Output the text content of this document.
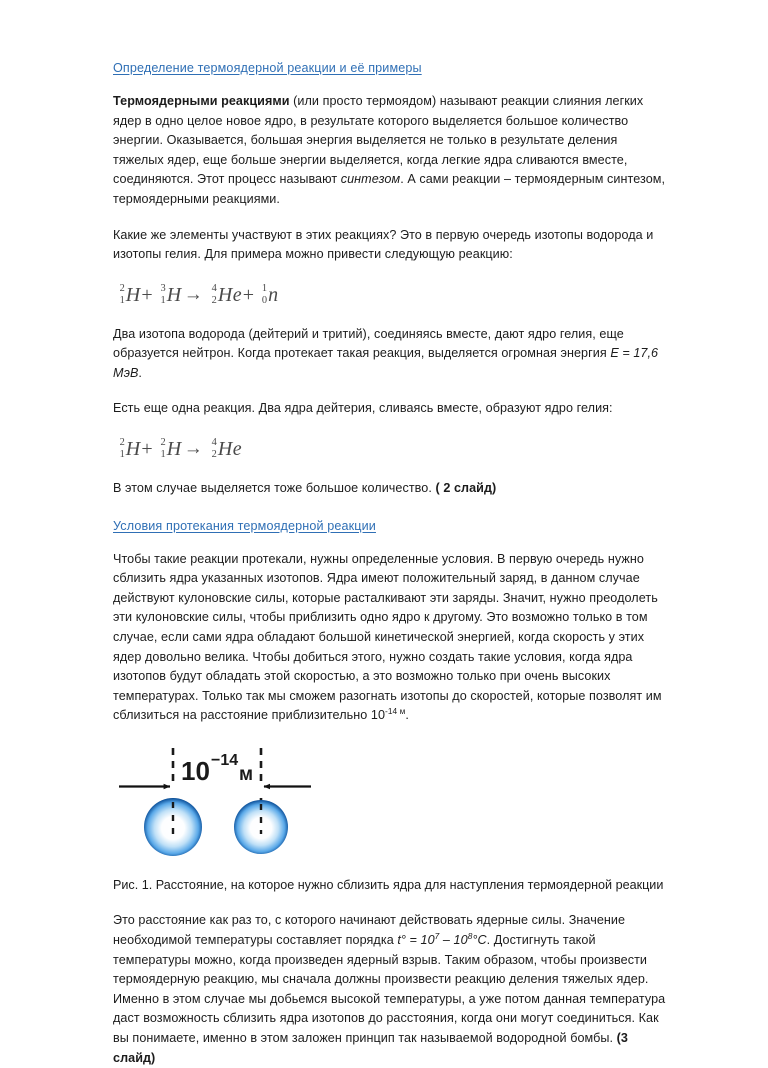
Определение термоядерной реакции и её примеры

Термоядерными реакциями (или просто термоядом) называют реакции слияния легких ядер в одно целое новое ядро, в результате которого выделяется большое количество энергии. Оказывается, большая энергия выделяется не только в результате деления тяжелых ядер, еще больше энергии выделяется, когда легкие ядра сливаются вместе, соединяются. Этот процесс называют синтезом. А сами реакции – термоядерным синтезом, термоядерными реакциями.

Какие же элементы участвуют в этих реакциях? Это в первую очередь изотопы водорода и изотопы гелия. Для примера можно привести следующую реакцию:

2
1 H+ 3
1 H → 4
2 He+ 1
0 n

Два изотопа водорода (дейтерий и тритий), соединяясь вместе, дают ядро гелия, еще образуется нейтрон. Когда протекает такая реакция, выделяется огромная энергия E = 17,6 МэВ.

Есть еще одна реакция. Два ядра дейтерия, сливаясь вместе, образуют ядро гелия:

2
1 H+ 2
1 H → 4
2 He

В этом случае выделяется тоже большое количество. ( 2 слайд)

Условия протекания термоядерной реакции

Чтобы такие реакции протекали, нужны определенные условия. В первую очередь нужно сблизить ядра указанных изотопов. Ядра имеют положительный заряд, в данном случае действуют кулоновские силы, которые расталкивают эти заряды. Значит, нужно преодолеть эти кулоновские силы, чтобы приблизить одно ядро к другому. Это возможно только в том случае, если сами ядра обладают большой кинетической энергией, когда скорость у этих ядер довольно велика. Чтобы добиться этого, нужно создать такие условия, когда ядра изотопов будут обладать этой скоростью, а это возможно только при очень высоких температурах. Только так мы сможем разогнать изотопы до скоростей, которые позволят им сблизиться на расстояние приблизительно $10^{-14 м}$.

10 −14
м

Рис. 1. Расстояние, на которое нужно сблизить ядра для наступления термоядерной реакции

Это расстояние как раз то, с которого начинают действовать ядерные силы. Значение необходимой температуры составляет порядка $t^\circ = 10^7 - 10^8^\circ C$. Достигнуть такой температуры можно, когда произведен ядерный взрыв. Таким образом, чтобы произвести термоядерную реакцию, мы сначала должны произвести реакцию деления тяжелых ядер. Именно в этом случае мы добьемся высокой температуры, а уже потом данная температура даст возможность сблизить ядра изотопов до расстояния, когда они могут соединиться. Как вы понимаете, именно в этом заложен принцип так называемой водородной бомбы. (3 слайд)
